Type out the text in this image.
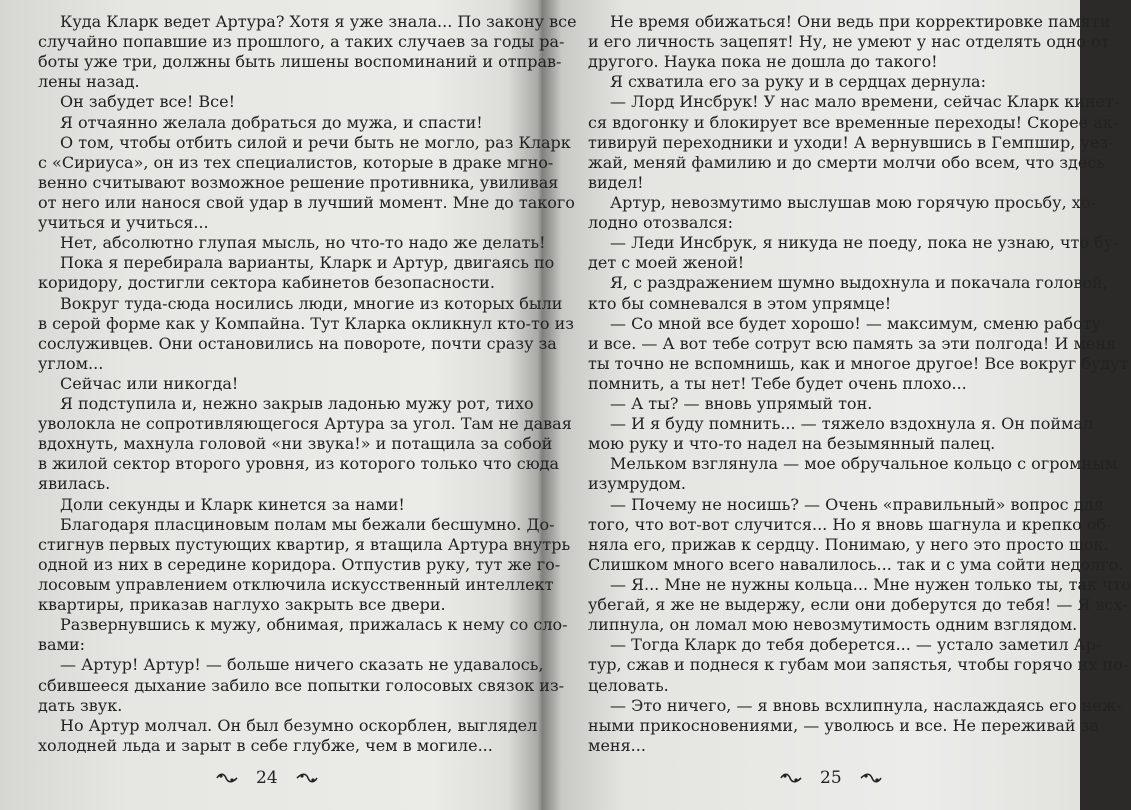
Куда Кларк ведет Артура? Хотя я уже знала... По закону все
случайно попавшие из прошлого, а таких случаев за годы ра-
боты уже три, должны быть лишены воспоминаний и отправ-
лены назад.
Он забудет все! Все!
Я отчаянно желала добраться до мужа, и спасти!
О том, чтобы отбить силой и речи быть не могло, раз Кларк
с «Сириуса», он из тех специалистов, которые в драке мгно-
венно считывают возможное решение противника, увиливая
от него или нанося свой удар в лучший момент. Мне до такого
учиться и учиться...
Нет, абсолютно глупая мысль, но что-то надо же делать!
Пока я перебирала варианты, Кларк и Артур, двигаясь по
коридору, достигли сектора кабинетов безопасности.
Вокруг туда-сюда носились люди, многие из которых были
в серой форме как у Компайна. Тут Кларка окликнул кто-то из
сослуживцев. Они остановились на повороте, почти сразу за
углом...
Сейчас или никогда!
Я подступила и, нежно закрыв ладонью мужу рот, тихо
уволокла не сопротивляющегося Артура за угол. Там не давая
вдохнуть, махнула головой «ни звука!» и потащила за собой
в жилой сектор второго уровня, из которого только что сюда
явилась.
Доли секунды и Кларк кинется за нами!
Благодаря пласциновым полам мы бежали бесшумно. До-
стигнув первых пустующих квартир, я втащила Артура внутрь
одной из них в середине коридора. Отпустив руку, тут же го-
лосовым управлением отключила искусственный интеллект
квартиры, приказав наглухо закрыть все двери.
Развернувшись к мужу, обнимая, прижалась к нему со сло-
вами:
— Артур! Артур! — больше ничего сказать не удавалось,
сбившееся дыхание забило все попытки голосовых связок из-
дать звук.
Но Артур молчал. Он был безумно оскорблен, выглядел
холодней льда и зарыт в себе глубже, чем в могиле...
Не время обижаться! Они ведь при корректировке памяти
и его личность зацепят! Ну, не умеют у нас отделять одно от
другого. Наука пока не дошла до такого!
Я схватила его за руку и в сердцах дернула:
— Лорд Инсбрук! У нас мало времени, сейчас Кларк кинет-
ся вдогонку и блокирует все временные переходы! Скорее ак-
тивируй переходники и уходи! А вернувшись в Гемпшир, уез-
жай, меняй фамилию и до смерти молчи обо всем, что здесь
видел!
Артур, невозмутимо выслушав мою горячую просьбу, хо-
лодно отозвался:
— Леди Инсбрук, я никуда не поеду, пока не узнаю, что бу-
дет с моей женой!
Я, с раздражением шумно выдохнула и покачала головой,
кто бы сомневался в этом упрямце!
— Со мной все будет хорошо! — максимум, сменю работу
и все. — А вот тебе сотрут всю память за эти полгода! И меня
ты точно не вспомнишь, как и многое другое! Все вокруг будут
помнить, а ты нет! Тебе будет очень плохо...
— А ты? — вновь упрямый тон.
— И я буду помнить... — тяжело вздохнула я. Он поймал
мою руку и что-то надел на безымянный палец.
Мельком взглянула — мое обручальное кольцо с огромным
изумрудом.
— Почему не носишь? — Очень «правильный» вопрос для
того, что вот-вот случится... Но я вновь шагнула и крепко об-
няла его, прижав к сердцу. Понимаю, у него это просто шок.
Слишком много всего навалилось... так и с ума сойти недолго.
— Я... Мне не нужны кольца... Мне нужен только ты, так что
убегай, я же не выдержу, если они доберутся до тебя! — Я всх-
липнула, он ломал мою невозмутимость одним взглядом.
— Тогда Кларк до тебя доберется... — устало заметил Ар-
тур, сжав и поднеся к губам мои запястья, чтобы горячо их по-
целовать.
— Это ничего, — я вновь всхлипнула, наслаждаясь его неж-
ными прикосновениями, — уволюсь и все. Не переживай за
меня...
24	25
